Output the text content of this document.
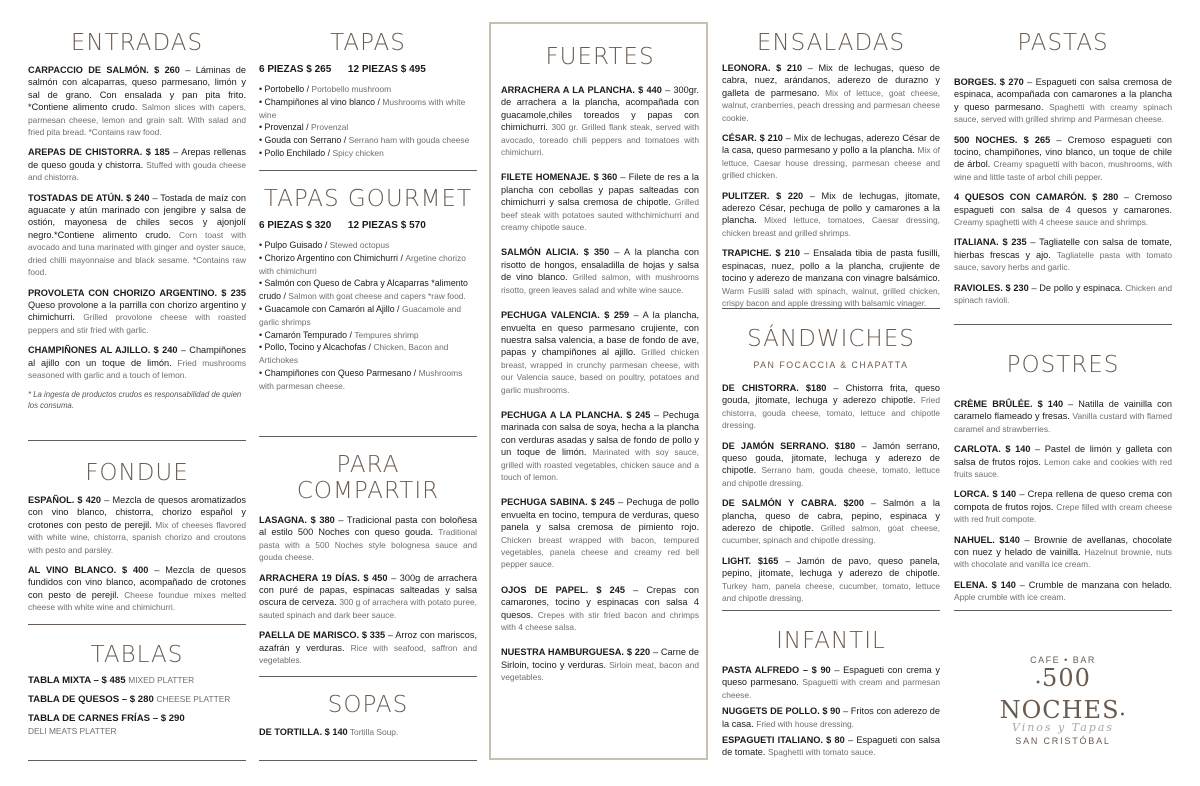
ENTRADAS

CARPACCIO DE SALMÓN. $ 260 – Láminas de salmón con alcaparras, queso parmesano, limón y sal de grano. Con ensalada y pan pita frito. *Contiene alimento crudo. Salmon slices with capers, parmesan cheese, lemon and grain salt. With salad and fried pita bread. *Contains raw food.

AREPAS DE CHISTORRA. $ 185 – Arepas rellenas de queso gouda y chistorra. Stuffed with gouda cheese and chistorra.

TOSTADAS DE ATÚN. $ 240 – Tostada de maíz con aguacate y atún marinado con jengibre y salsa de ostión, mayonesa de chiles secos y ajonjolí negro.*Contiene alimento crudo. Corn toast with avocado and tuna marinated with ginger and oyster sauce, dried chilli mayonnaise and black sesame. *Contains raw food.

PROVOLETA CON CHORIZO ARGENTINO. $ 235 Queso provolone a la parrilla con chorizo argentino y chimichurri. Grilled provolone cheese with roasted peppers and stir fried with garlic.

CHAMPIÑONES AL AJILLO. $ 240 – Champiñones al ajillo con un toque de limón. Fried mushrooms seasoned with garlic and a touch of lemon.

* La ingesta de productos crudos es responsabilidad de quien los consuma.

FONDUE

ESPAÑOL. $ 420 – Mezcla de quesos aromatizados con vino blanco, chistorra, chorizo español y crotones con pesto de perejil. Mix of cheeses flavored with white wine, chistorra, spanish chorizo and croutons with pesto and parsley.

AL VINO BLANCO. $ 400 – Mezcla de quesos fundidos con vino blanco, acompañado de crotones con pesto de perejil. Cheese foundue mixes melted cheese with white wine and chimichurri.

TABLAS

TABLA MIXTA – $ 485 MIXED PLATTER

TABLA DE QUESOS – $ 280 CHEESE PLATTER

TABLA DE CARNES FRÍAS – $ 290
DELI MEATS PLATTER

TAPAS

6 PIEZAS $ 265      12 PIEZAS $ 495

• Portobello / Portobello mushroom
• Champiñones al vino blanco / Mushrooms with white wine
• Provenzal / Provenzal
• Gouda con Serrano / Serrano ham with gouda cheese
• Pollo Enchilado / Spicy chicken
TAPAS GOURMET

6 PIEZAS $ 320      12 PIEZAS $ 570

• Pulpo Guisado / Stewed octopus
• Chorizo Argentino con Chimichurri / Argetine chorizo with chimichurri
• Salmón con Queso de Cabra y Alcaparras *alimento crudo / Salmon with goat cheese and capers *raw food.
• Guacamole con Camarón al Ajillo / Guacamole and garlic shrimps
• Camarón Tempurado / Tempures shrimp
• Pollo, Tocino y Alcachofas / Chicken, Bacon and Artichokes
• Champiñones con Queso Parmesano / Mushrooms with parmesan cheese.
PARA
COMPARTIR

LASAGNA. $ 380 – Tradicional pasta con boloñesa al estilo 500 Noches con queso gouda. Traditional pasta with a 500 Noches style bolognesa sauce and gouda cheese.

ARRACHERA 19 DÍAS. $ 450 – 300g de arrachera con puré de papas, espinacas salteadas y salsa oscura de cerveza. 300 g of arrachera with potato puree, sauted spinach and dark beer sauce.

PAELLA DE MARISCO. $ 335 – Arroz con mariscos, azafrán y verduras. Rice with seafood, saffron and vegetables.

SOPAS

DE TORTILLA. $ 140 Tortilla Soup.

FUERTES

ARRACHERA A LA PLANCHA. $ 440 – 300gr. de arrachera a la plancha, acompañada con guacamole,chiles toreados y papas con chimichurri. 300 gr. Grilled flank steak, served with avocado, toreado chili peppers and tomatoes with chimichurri.

FILETE HOMENAJE. $ 360 – Filete de res a la plancha con cebollas y papas salteadas con chimichurri y salsa cremosa de chipotle. Grilled beef steak with potatoes sauted withchimichurri and creamy chipotle sauce.

SALMÓN ALICIA. $ 350 – A la plancha con risotto de hongos, ensaladilla de hojas y salsa de vino blanco. Grilled salmon, with mushrooms risotto, green leaves salad and white wine sauce.

PECHUGA VALENCIA. $ 259 – A la plancha, envuelta en queso parmesano crujiente, con nuestra salsa valencia, a base de fondo de ave, papas y champiñones al ajillo. Grilled chicken breast, wrapped in crunchy parmesan cheese, with our Valencia sauce, based on poultry, potatoes and garlic mushrooms.

PECHUGA A LA PLANCHA. $ 245 – Pechuga marinada con salsa de soya, hecha a la plancha con verduras asadas y salsa de fondo de pollo y un toque de limón. Marinated with soy sauce, grilled with roasted vegetables, chicken sauce and a touch of lemon.

PECHUGA SABINA. $ 245 – Pechuga de pollo envuelta en tocino, tempura de verduras, queso panela y salsa cremosa de pimiento rojo. Chicken breast wrapped with bacon, tempured vegetables, panela cheese and creamy red bell pepper sauce.

OJOS DE PAPEL. $ 245 – Crepas con camarones, tocino y espinacas con salsa 4 quesos. Crepes with stir fried bacon and chrimps with 4 cheese salsa.

NUESTRA HAMBURGUESA. $ 220 – Carne de Sirloin, tocino y verduras. Sirloin meat, bacon and vegetables.

ENSALADAS

LEONORA. $ 210 – Mix de lechugas, queso de cabra, nuez, arándanos, aderezo de durazno y galleta de parmesano. Mix of lettuce, goat cheese, walnut, cranberries, peach dressing and parmesan cheese cookie.

CÉSAR. $ 210 – Mix de lechugas, aderezo César de la casa, queso parmesano y pollo a la plancha. Mix of lettuce, Caesar house dressing, parmesan cheese and grilled chicken.

PULITZER. $ 220 – Mix de lechugas, jitomate, aderezo César, pechuga de pollo y camarones a la plancha. Mixed lettuce, tomatoes, Caesar dressing, chicken breast and grilled shrimps.

TRAPICHE. $ 210 – Ensalada tibia de pasta fusilli, espinacas, nuez, pollo a la plancha, crujiente de tocino y aderezo de manzana con vinagre balsámico. Warm Fusilli salad with spinach, walnut, grilled chicken, crispy bacon and apple dressing with balsamic vinager.

SÁNDWICHES

PAN FOCACCIA & CHAPATTA

DE CHISTORRA. $180 – Chistorra frita, queso gouda, jitomate, lechuga y aderezo chipotle. Fried chistorra, gouda cheese, tomato, lettuce and chipotle dressing.

DE JAMÓN SERRANO. $180 – Jamón serrano, queso gouda, jitomate, lechuga y aderezo de chipotle. Serrano ham, gouda cheese, tomato, lettuce and chipotle dressing.

DE SALMÓN Y CABRA. $200 – Salmón a la plancha, queso de cabra, pepino, espinaca y aderezo de chipotle. Grilled salmon, goat cheese, cucumber, spinach and chipotle dressing.

LIGHT. $165 – Jamón de pavo, queso panela, pepino, jitomate, lechuga y aderezo de chipotle. Turkey ham, panela cheese, cucumber, tomato, lettuce and chipotle dressing.

INFANTIL

PASTA ALFREDO – $ 90 – Espagueti con crema y queso parmesano. Spaguetti with cream and parmesan cheese.

NUGGETS DE POLLO. $ 90 – Fritos con aderezo de la casa. Fried with house dressing.

ESPAGUETI ITALIANO. $ 80 – Espagueti con salsa de tomate. Spaghetti with tomato sauce.

PASTAS

BORGES. $ 270 – Espagueti con salsa cremosa de espinaca, acompañada con camarones a la plancha y queso parmesano. Spaghetti with creamy spinach sauce, served with grilled shrimp and Parmesan cheese.

500 NOCHES. $ 265 – Cremoso espagueti con tocino, champiñones, vino blanco, un toque de chile de árbol. Creamy spaguetti with bacon, mushrooms, with wine and little taste of arbol chili pepper.

4 QUESOS CON CAMARÓN. $ 280 – Cremoso espagueti con salsa de 4 quesos y camarones. Creamy spaghetti with 4 cheese sauce and shrimps.

ITALIANA. $ 235 – Tagliatelle con salsa de tomate, hierbas frescas y ajo. Tagliatelle pasta with tomato sauce, savory herbs and garlic.

RAVIOLES. $ 230 – De pollo y espinaca. Chicken and spinach ravioli.

POSTRES

CRÈME BRÛLÉE. $ 140 – Natilla de vainilla con caramelo flameado y fresas. Vanilla custard with flamed caramel and strawberries.

CARLOTA. $ 140 – Pastel de limón y galleta con salsa de frutos rojos. Lemon cake and cookies with red fruits sauce.

LORCA. $ 140 – Crepa rellena de queso crema con compota de frutos rojos. Crepe filled with cream cheese with red fruit compote.

NAHUEL. $140 – Brownie de avellanas, chocolate con nuez y helado de vainilla. Hazelnut brownie, nuts with chocolate and vanilla ice cream.

ELENA. $ 140 – Crumble de manzana con helado. Apple crumble with ice cream.

CAFE • BAR
•500 NOCHES•
Vinos y Tapas
SAN CRISTÓBAL
